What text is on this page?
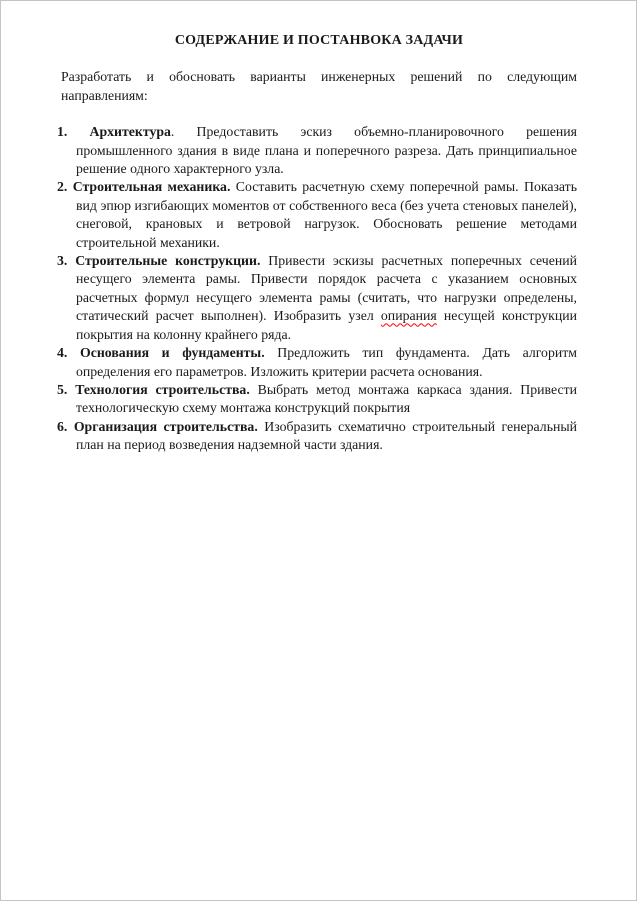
СОДЕРЖАНИЕ И ПОСТАНВОКА ЗАДАЧИ

Разработать и обосновать варианты инженерных решений по следующим направлениям:

1. Архитектура. Предоставить эскиз объемно-планировочного решения промышленного здания в виде плана и поперечного разреза. Дать принципиальное решение одного характерного узла.
2. Строительная механика. Составить расчетную схему поперечной рамы. Показать вид эпюр изгибающих моментов от собственного веса (без учета стеновых панелей), снеговой, крановых и ветровой нагрузок. Обосновать решение методами строительной механики.
3. Строительные конструкции. Привести эскизы расчетных поперечных сечений несущего элемента рамы. Привести порядок расчета с указанием основных расчетных формул несущего элемента рамы (считать, что нагрузки определены, статический расчет выполнен). Изобразить узел опирания несущей конструкции покрытия на колонну крайнего ряда.
4. Основания и фундаменты. Предложить тип фундамента. Дать алгоритм определения его параметров. Изложить критерии расчета основания.
5. Технология строительства. Выбрать метод монтажа каркаса здания. Привести технологическую схему монтажа конструкций покрытия
6. Организация строительства. Изобразить схематично строительный генеральный план на период возведения надземной части здания.
